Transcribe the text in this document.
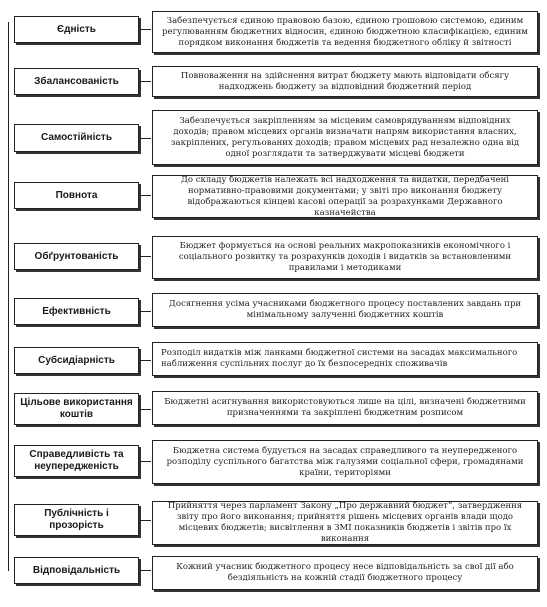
Єдність
Забезпечується єдиною правовою базою, єдиною грошовою системою, єдиним регулюванням бюджетних відносин, єдиною бюджетною класифікацією, єдиним порядком виконання бюджетів та ведення бюджетного обліку й звітності
Збалансованість	Повноваження на здійснення витрат бюджету мають відповідати обсягу надходжень бюджету за відповідний бюджетний період
Самостійність
Забезпечується закріпленням за місцевим самоврядуванням відповідних доходів; правом місцевих органів визначати напрям використання власних, закріплених, регульованих доходів; правом місцевих рад незалежно одна від одної розглядати та затверджувати місцеві бюджети
Повнота
До складу бюджетів належать всі надходження та видатки, передбачені нормативно-правовими документами; у звіті про виконання бюджету відображаються кінцеві касові операції за розрахунками Державного казначейства
Обґрунтованість
Бюджет формується на основі реальних макропоказників економічного і соціального розвитку та розрахунків доходів і видатків за встановленими правилами і методиками
Ефективність
Досягнення усіма учасниками бюджетного процесу поставлених завдань при мінімальному залученні бюджетних коштів
Субсидіарність
Розподіл видатків між ланками бюджетної системи на засадах максимального наближення суспільних послуг до їх безпосередніх споживачів
Цільове використання коштів
Бюджетні асигнування використовуються лише на цілі, визначені бюджетними призначеннями та закріплені бюджетним розписом
Справедливість та неупередженість
Бюджетна система будується на засадах справедливого та неупередженого розподілу суспільного багатства між галузями соціальної сфери, громадянами країни, територіями
Публічність і прозорість
Прийняття через парламент Закону „Про державний бюджет”, затвердження звіту про його виконання; прийняття рішень місцевих органів влади щодо місцевих бюджетів; висвітлення в ЗМІ показників бюджетів і звітів про їх виконання
Відповідальність	Кожний учасник бюджетного процесу несе відповідальність за свої дії або бездіяльність на кожній стадії бюджетного процесу
